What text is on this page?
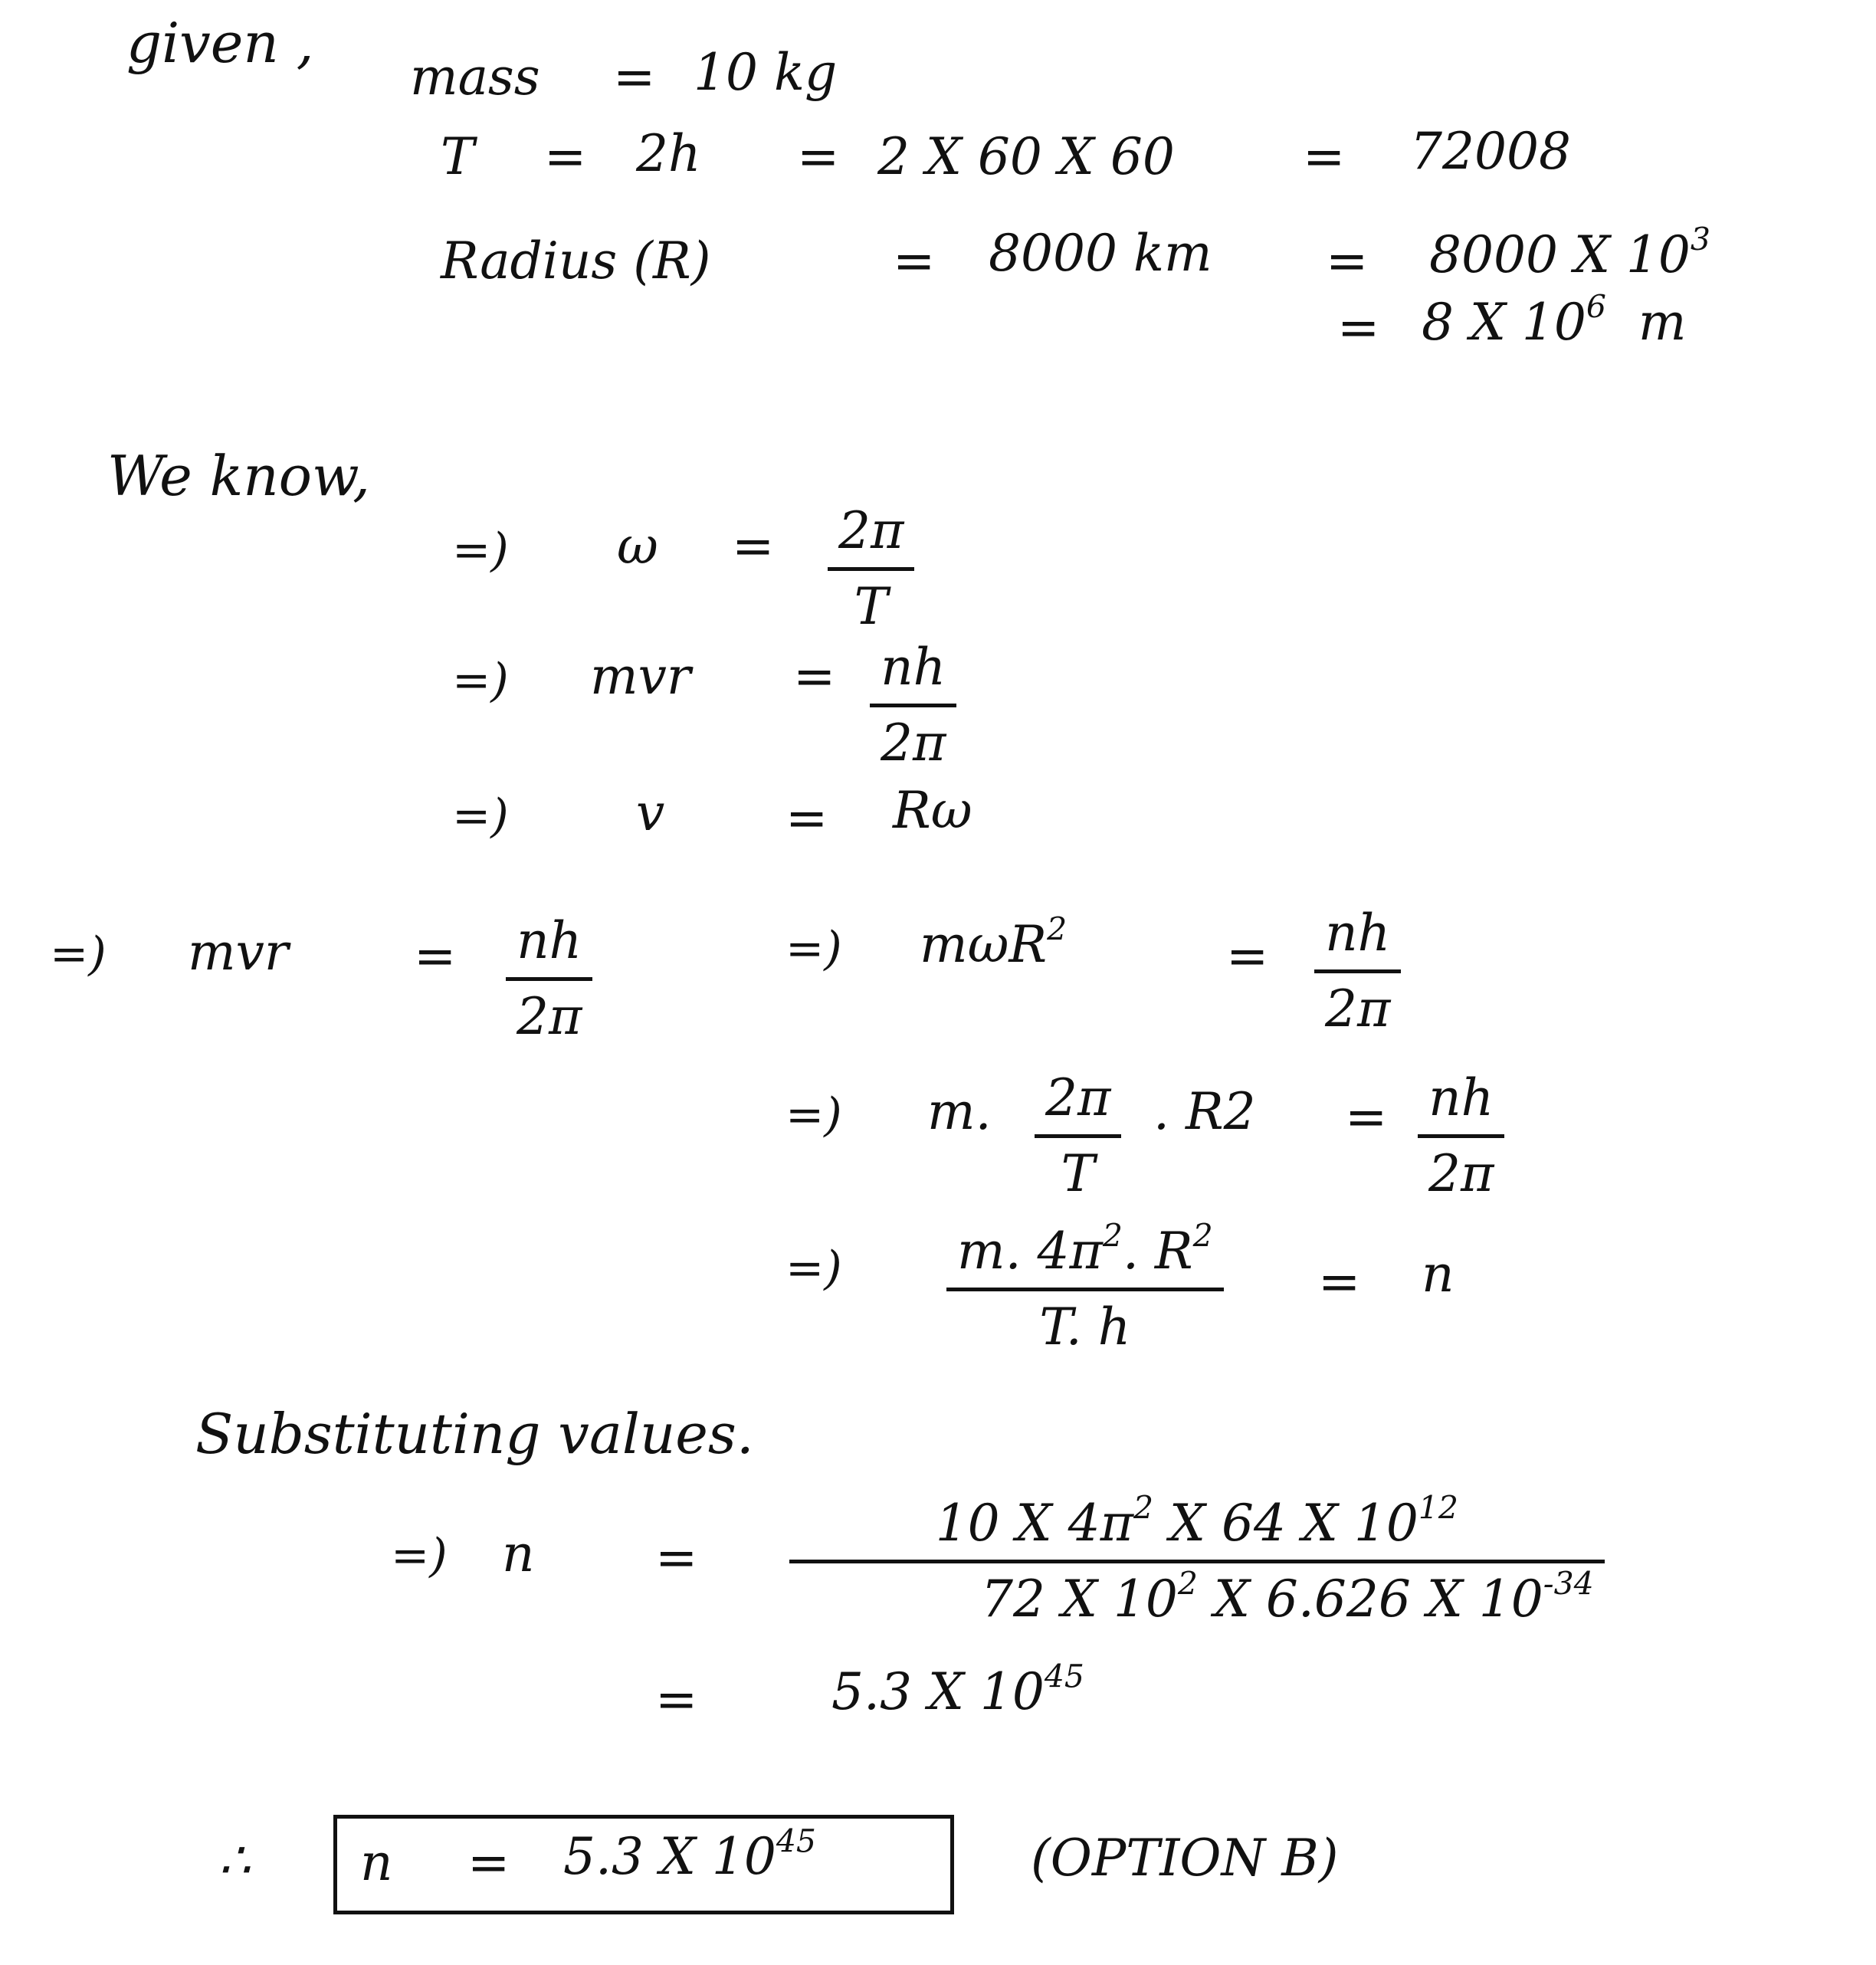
given ,
mass = 10 kg
T = 2h = 2 X 60 X 60	= 72008
Radius (R)	= 8000 km = 8000 X $10^3$
= 8 X $10^6$ m
We know,
=) ω = 2π
T
=) mvr = nh
2π
=)	v = Rω
=) mvr = nh
2π
=) mωR$^2$	= nh
2π
=) m. 2π
T
. R2 = nh
2π
=) m. $4\pi^2$. $R^2$
T. h
= n
Substituting values.
=) n =
10 X $4\pi^2$ X 64 X $10^{12}$
72 X $10^2$ X 6.626 X $10^{-34}$
=	5.3 X $10^{45}$
∴ n = 5.3 X $10^{45}$	(OPTION B)
